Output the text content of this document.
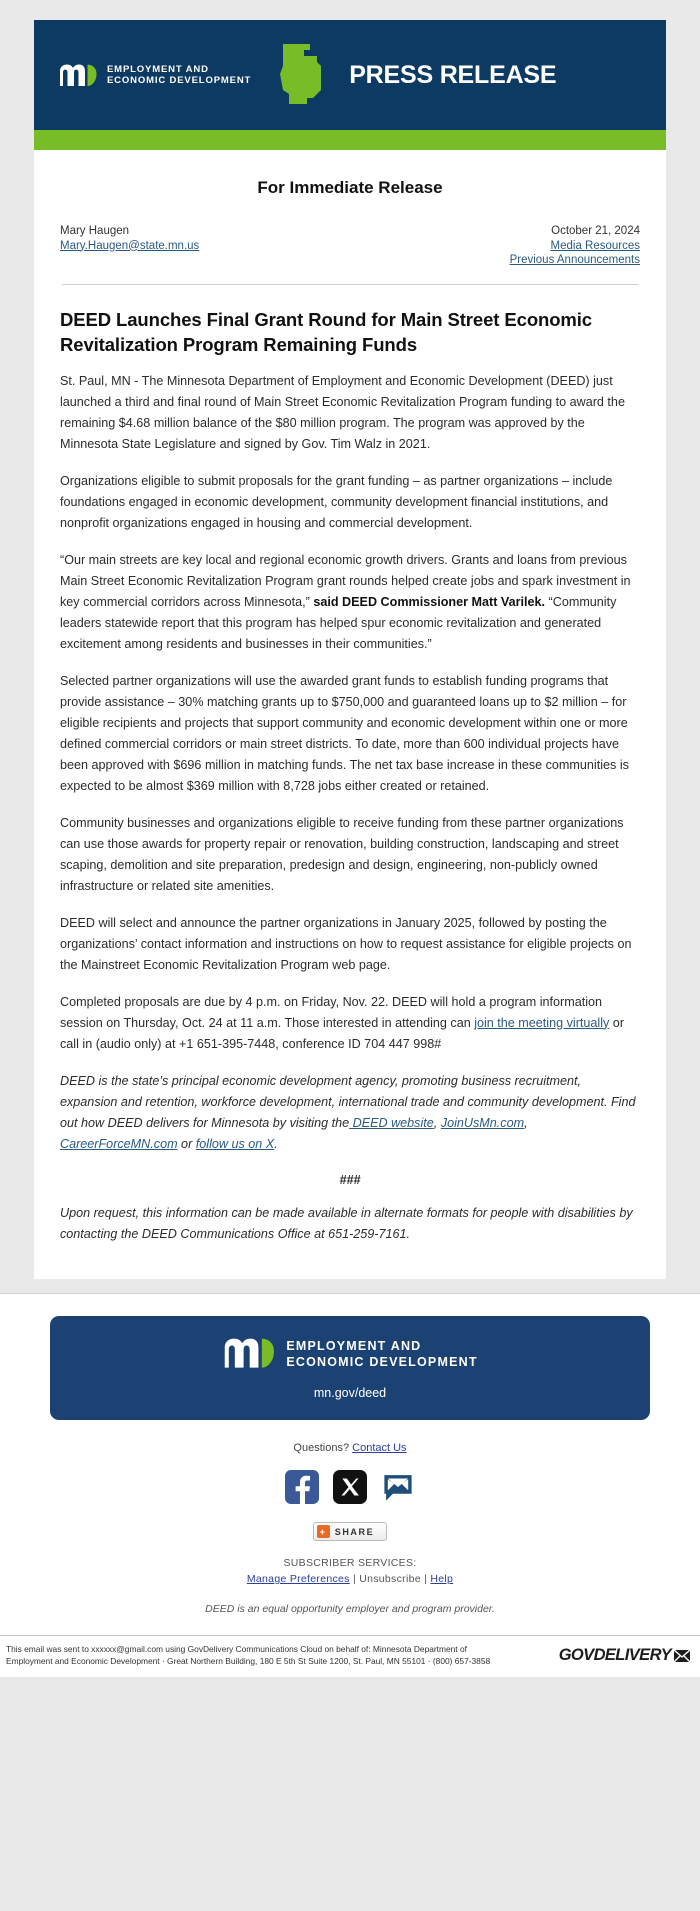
EMPLOYMENT AND
ECONOMIC DEVELOPMENT	PRESS RELEASE
For Immediate Release
Mary Haugen
Mary.Haugen@state.mn.us
October 21, 2024
Media Resources
Previous Announcements
DEED Launches Final Grant Round for Main Street Economic Revitalization Program Remaining Funds

St. Paul, MN - The Minnesota Department of Employment and Economic Development (DEED) just launched a third and final round of Main Street Economic Revitalization Program funding to award the remaining $4.68 million balance of the $80 million program. The program was approved by the Minnesota State Legislature and signed by Gov. Tim Walz in 2021.

Organizations eligible to submit proposals for the grant funding – as partner organizations – include foundations engaged in economic development, community development financial institutions, and nonprofit organizations engaged in housing and commercial development.

“Our main streets are key local and regional economic growth drivers. Grants and loans from previous Main Street Economic Revitalization Program grant rounds helped create jobs and spark investment in key commercial corridors across Minnesota,” said DEED Commissioner Matt Varilek. “Community leaders statewide report that this program has helped spur economic revitalization and generated excitement among residents and businesses in their communities.”

Selected partner organizations will use the awarded grant funds to establish funding programs that provide assistance – 30% matching grants up to $750,000 and guaranteed loans up to $2 million – for eligible recipients and projects that support community and economic development within one or more defined commercial corridors or main street districts. To date, more than 600 individual projects have been approved with $696 million in matching funds. The net tax base increase in these communities is expected to be almost $369 million with 8,728 jobs either created or retained.

Community businesses and organizations eligible to receive funding from these partner organizations can use those awards for property repair or renovation, building construction, landscaping and street scaping, demolition and site preparation, predesign and design, engineering, non-publicly owned infrastructure or related site amenities.

DEED will select and announce the partner organizations in January 2025, followed by posting the organizations’ contact information and instructions on how to request assistance for eligible projects on the Mainstreet Economic Revitalization Program web page.

Completed proposals are due by 4 p.m. on Friday, Nov. 22. DEED will hold a program information session on Thursday, Oct. 24 at 11 a.m. Those interested in attending can join the meeting virtually or call in (audio only) at +1 651-395-7448, conference ID 704 447 998#

DEED is the state’s principal economic development agency, promoting business recruitment, expansion and retention, workforce development, international trade and community development. Find out how DEED delivers for Minnesota by visiting the DEED website, JoinUsMn.com, CareerForceMN.com or follow us on X.

###

Upon request, this information can be made available in alternate formats for people with disabilities by contacting the DEED Communications Office at 651-259-7161.

EMPLOYMENT AND
ECONOMIC DEVELOPMENT
mn.gov/deed
Questions? Contact Us
+ SHARE
SUBSCRIBER SERVICES:
Manage Preferences | Unsubscribe | Help
DEED is an equal opportunity employer and program provider.
This email was sent to xxxxxx@gmail.com using GovDelivery Communications Cloud on behalf of: Minnesota Department of
Employment and Economic Development · Great Northern Building, 180 E 5th St Suite 1200, St. Paul, MN 55101 · (800) 657-3858	GOVDELIVERY
